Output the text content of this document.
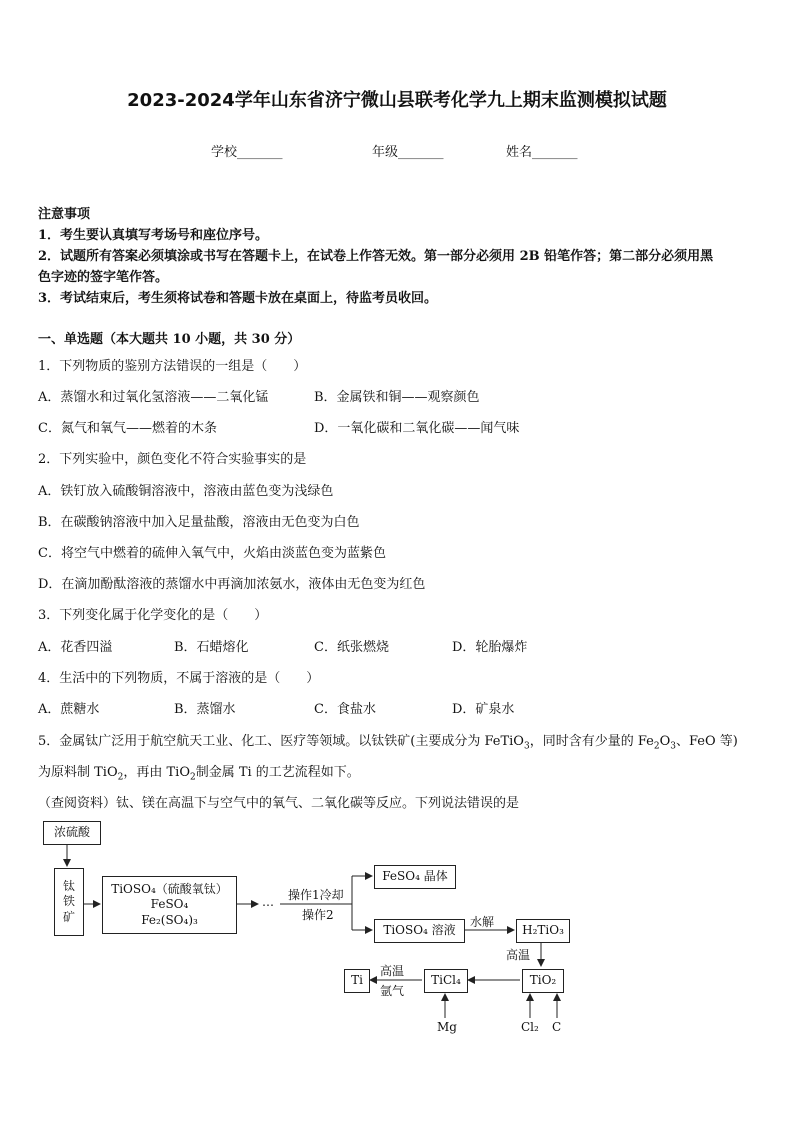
2023-2024学年山东省济宁微山县联考化学九上期末监测模拟试题
学校_______	年级_______	姓名_______
注意事项
1．考生要认真填写考场号和座位序号。
2．试题所有答案必须填涂或书写在答题卡上，在试卷上作答无效。第一部分必须用 2B 铅笔作答；第二部分必须用黑
色字迹的签字笔作答。
3．考试结束后，考生须将试卷和答题卡放在桌面上，待监考员收回。
一、单选题（本大题共 10 小题，共 30 分）
1．下列物质的鉴别方法错误的一组是（　　）
A．蒸馏水和过氧化氢溶液——二氧化锰	B．金属铁和铜——观察颜色
C．氮气和氧气——燃着的木条	D．一氧化碳和二氧化碳——闻气味
2．下列实验中，颜色变化不符合实验事实的是
A．铁钉放入硫酸铜溶液中，溶液由蓝色变为浅绿色
B．在碳酸钠溶液中加入足量盐酸，溶液由无色变为白色
C．将空气中燃着的硫伸入氧气中，火焰由淡蓝色变为蓝紫色
D．在滴加酚酞溶液的蒸馏水中再滴加浓氨水，液体由无色变为红色
3．下列变化属于化学变化的是（　　）
A．花香四溢	B．石蜡熔化	C．纸张燃烧	D．轮胎爆炸
4．生活中的下列物质，不属于溶液的是（　　）
A．蔗糖水	B．蒸馏水	C．食盐水	D．矿泉水
5．金属钛广泛用于航空航天工业、化工、医疗等领域。以钛铁矿(主要成分为 FeTiO$_3$，同时含有少量的 $Fe_2O_3$、FeO 等)
为原料制 TiO$_2$，再由 TiO$_2$制金属 Ti 的工艺流程如下。
（查阅资料）钛、镁在高温下与空气中的氧气、二氧化碳等反应。下列说法错误的是
浓硫酸
钛
铁
矿
TiOSO₄（硫酸氧钛）
FeSO₄
Fe₂(SO₄)₃
… 操作1冷却
操作2
FeSO₄ 晶体
TiOSO₄ 溶液
水解
H₂TiO₃
高温
TiO₂
TiCl₄
Ti
高温
氩气
Mg	Cl₂ C
